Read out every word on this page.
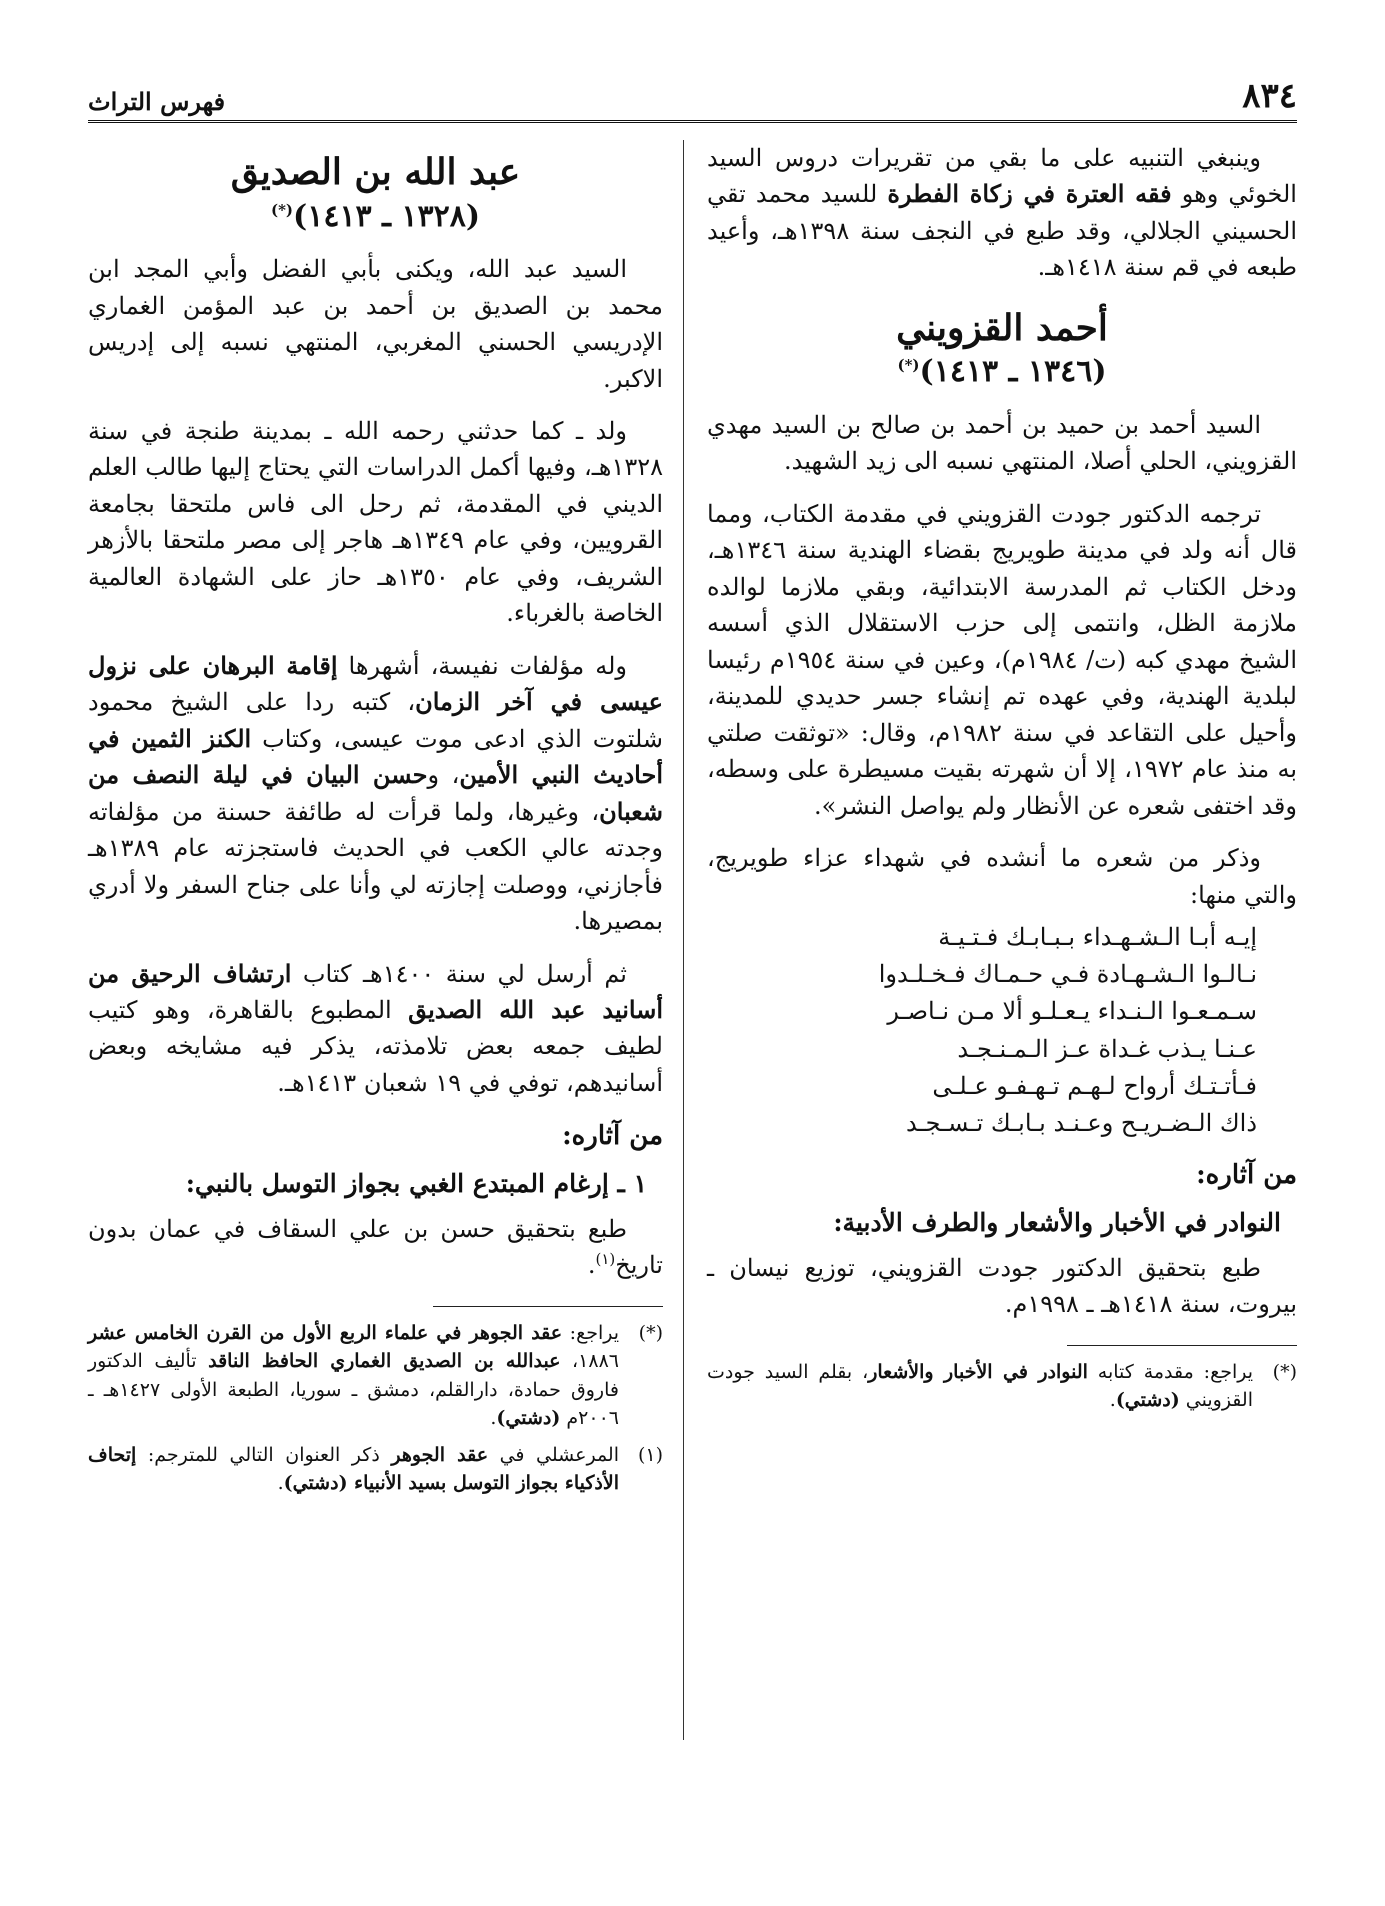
٨٣٤
فهرس التراث

وينبغي التنبيه على ما بقي من تقريرات دروس السيد الخوئي وهو فقه العترة في زكاة الفطرة للسيد محمد تقي الحسيني الجلالي، وقد طبع في النجف سنة ١٣٩٨هـ، وأعيد طبعه في قم سنة ١٤١٨هـ.

أحمد القزويني
(١٣٤٦ ـ ١٤١٣)(*)

السيد أحمد بن حميد بن أحمد بن صالح بن السيد مهدي القزويني، الحلي أصلا، المنتهي نسبه الى زيد الشهيد.

ترجمه الدكتور جودت القزويني في مقدمة الكتاب، ومما قال أنه ولد في مدينة طويريج بقضاء الهندية سنة ١٣٤٦هـ، ودخل الكتاب ثم المدرسة الابتدائية، وبقي ملازما لوالده ملازمة الظل، وانتمى إلى حزب الاستقلال الذي أسسه الشيخ مهدي كبه (ت/ ١٩٨٤م)، وعين في سنة ١٩٥٤م رئيسا لبلدية الهندية، وفي عهده تم إنشاء جسر حديدي للمدينة، وأحيل على التقاعد في سنة ١٩٨٢م، وقال: «توثقت صلتي به منذ عام ١٩٧٢، إلا أن شهرته بقيت مسيطرة على وسطه، وقد اختفى شعره عن الأنظار ولم يواصل النشر».

وذكر من شعره ما أنشده في شهداء عزاء طويريج، والتي منها:

إيـه أبـا الـشـهـداء بـبـابـك فـتـيـة
نـالـوا الـشـهـادة فـي حـمـاك فـخـلـدوا
سـمـعـوا الـنـداء يـعـلـو ألا مـن نـاصـر
عـنـا يـذب غـداة عـز الـمـنـجـد
فـأتـتـك أرواح لـهـم تـهـفـو عـلـى
ذاك الـضـريـح وعـنـد بـابـك تـسـجـد
من آثاره:
النوادر في الأخبار والأشعار والطرف الأدبية:

طبع بتحقيق الدكتور جودت القزويني، توزيع نيسان ـ بيروت، سنة ١٤١٨هـ ـ ١٩٩٨م.

(*)
يراجع: مقدمة كتابه النوادر في الأخبار والأشعار، بقلم السيد جودت القزويني (دشتي).
عبد الله بن الصديق
(١٣٢٨ ـ ١٤١٣)(*)

السيد عبد الله، ويكنى بأبي الفضل وأبي المجد ابن محمد بن الصديق بن أحمد بن عبد المؤمن الغماري الإدريسي الحسني المغربي، المنتهي نسبه إلى إدريس الاكبر.

ولد ـ كما حدثني رحمه الله ـ بمدينة طنجة في سنة ١٣٢٨هـ، وفيها أكمل الدراسات التي يحتاج إليها طالب العلم الديني في المقدمة، ثم رحل الى فاس ملتحقا بجامعة القرويين، وفي عام ١٣٤٩هـ هاجر إلى مصر ملتحقا بالأزهر الشريف، وفي عام ١٣٥٠هـ حاز على الشهادة العالمية الخاصة بالغرباء.

وله مؤلفات نفيسة، أشهرها إقامة البرهان على نزول عيسى في آخر الزمان، كتبه ردا على الشيخ محمود شلتوت الذي ادعى موت عيسى، وكتاب الكنز الثمين في أحاديث النبي الأمين، وحسن البيان في ليلة النصف من شعبان، وغيرها، ولما قرأت له طائفة حسنة من مؤلفاته وجدته عالي الكعب في الحديث فاستجزته عام ١٣٨٩هـ فأجازني، ووصلت إجازته لي وأنا على جناح السفر ولا أدري بمصيرها.

ثم أرسل لي سنة ١٤٠٠هـ كتاب ارتشاف الرحيق من أسانيد عبد الله الصديق المطبوع بالقاهرة، وهو كتيب لطيف جمعه بعض تلامذته، يذكر فيه مشايخه وبعض أسانيدهم، توفي في ١٩ شعبان ١٤١٣هـ.

من آثاره:
١ ـ إرغام المبتدع الغبي بجواز التوسل بالنبي:

طبع بتحقيق حسن بن علي السقاف في عمان بدون تاريخ$^{(١)}$.

(*)
يراجع: عقد الجوهر في علماء الربع الأول من القرن الخامس عشر ١٨٨٦، عبدالله بن الصديق الغماري الحافظ الناقد تأليف الدكتور فاروق حمادة، دارالقلم، دمشق ـ سوريا، الطبعة الأولى ١٤٢٧هـ ـ ٢٠٠٦م (دشتي).
(١)
المرعشلي في عقد الجوهر ذكر العنوان التالي للمترجم: إتحاف الأذكياء بجواز التوسل بسيد الأنبياء (دشتي).
